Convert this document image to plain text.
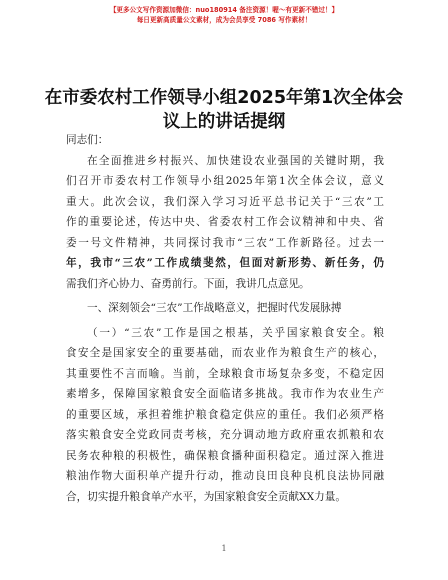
【更多公文写作资源加微信：nuo180914 备注资源！喔～有更新不错过！】
每日更新高质量公文素材，成为会员享受 7086 写作素材！
在市委农村工作领导小组2025年第1次全体会
议上的讲话提纲
同志们：
在全面推进乡村振兴、加快建设农业强国的关键时期，我
们召开市委农村工作领导小组2025年第1次全体会议，意义
重大。此次会议，我们深入学习习近平总书记关于“三农”工
作的重要论述，传达中央、省委农村工作会议精神和中央、省
委一号文件精神，共同探讨我市“三农”工作新路径。过去一
年，我市“三农”工作成绩斐然，但面对新形势、新任务，仍
需我们齐心协力、奋勇前行。下面，我讲几点意见。
一、深刻领会“三农”工作战略意义，把握时代发展脉搏
（一）“三农”工作是国之根基，关乎国家粮食安全。粮
食安全是国家安全的重要基础，而农业作为粮食生产的核心，
其重要性不言而喻。当前，全球粮食市场复杂多变，不稳定因
素增多，保障国家粮食安全面临诸多挑战。我市作为农业生产
的重要区域，承担着维护粮食稳定供应的重任。我们必须严格
落实粮食安全党政同责考核，充分调动地方政府重农抓粮和农
民务农种粮的积极性，确保粮食播种面积稳定。通过深入推进
粮油作物大面积单产提升行动，推动良田良种良机良法协同融
合，切实提升粮食单产水平，为国家粮食安全贡献XX力量。
1
